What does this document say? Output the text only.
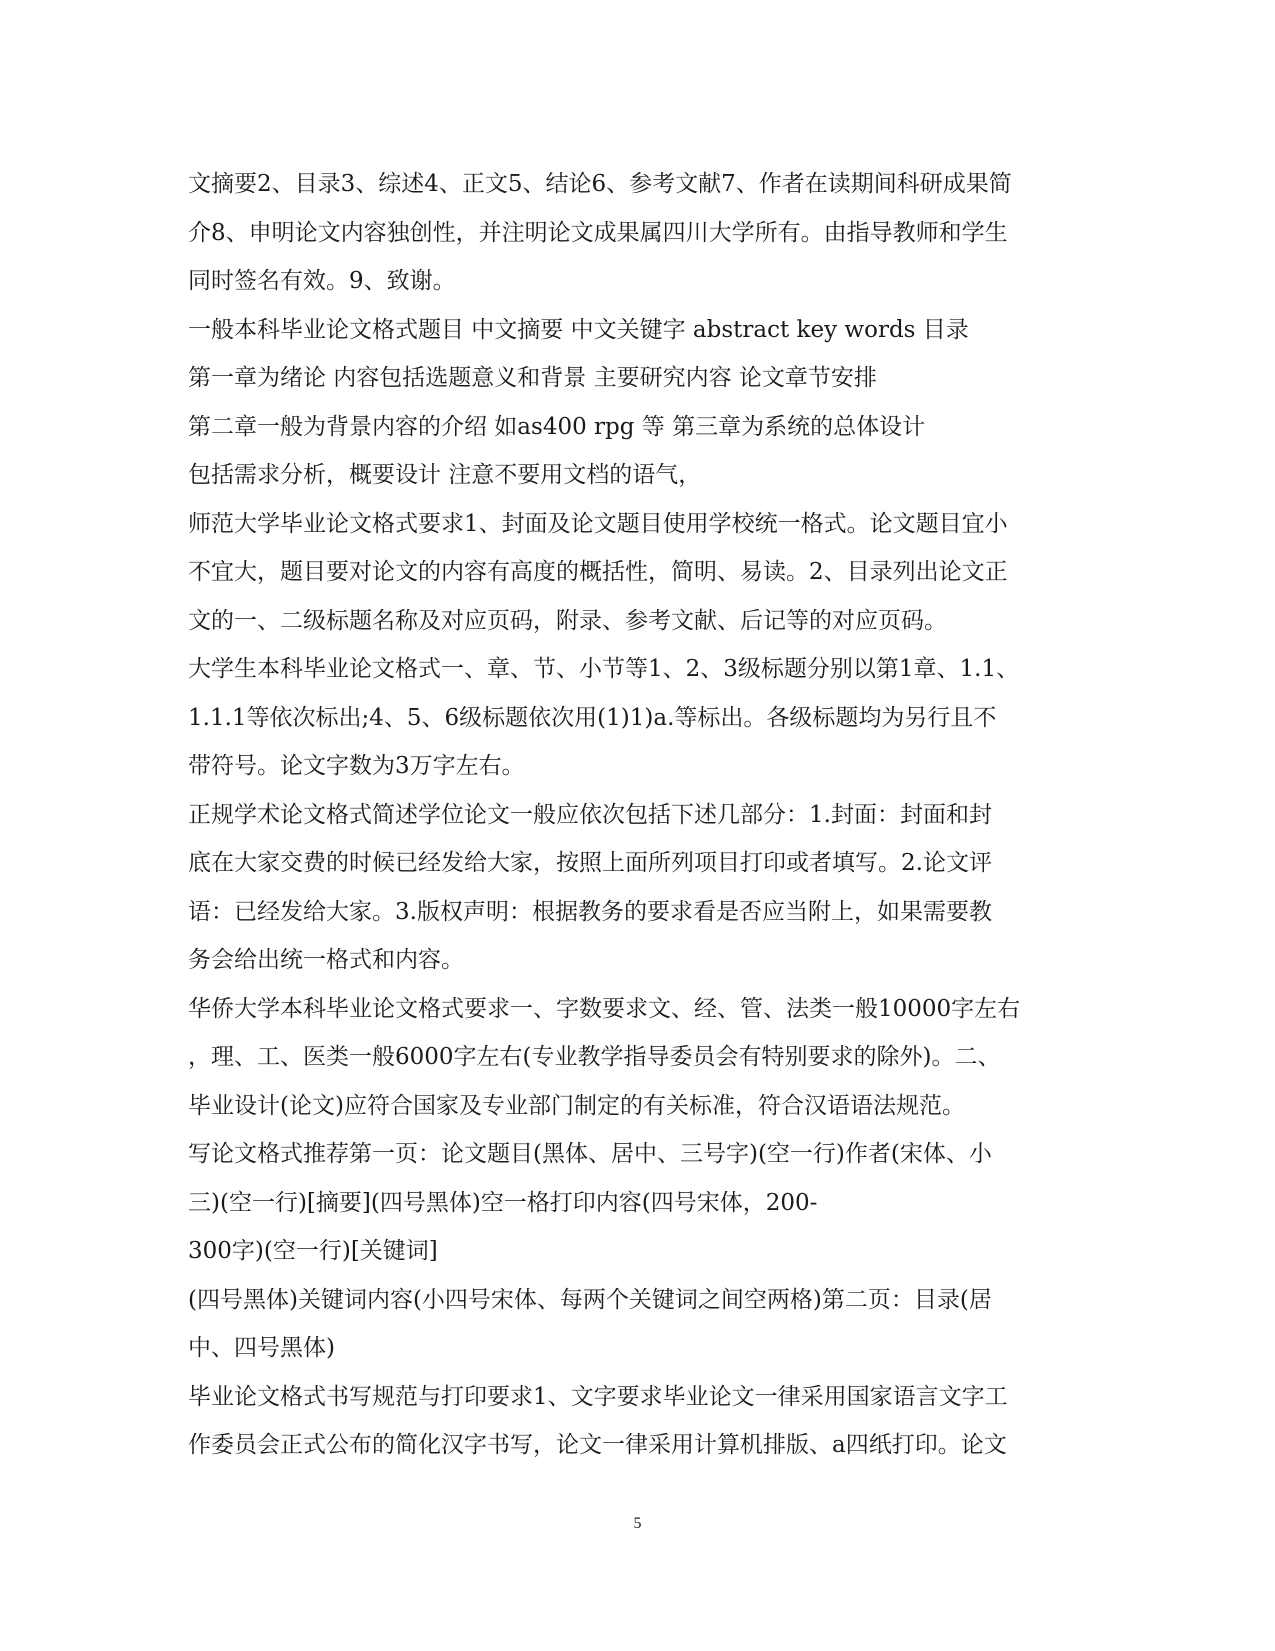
文摘要2、目录3、综述4、正文5、结论6、参考文献7、作者在读期间科研成果简
介8、申明论文内容独创性，并注明论文成果属四川大学所有。由指导教师和学生
同时签名有效。9、致谢。
一般本科毕业论文格式题目 中文摘要 中文关键字 abstract key words 目录
第一章为绪论 内容包括选题意义和背景 主要研究内容 论文章节安排
第二章一般为背景内容的介绍 如as400 rpg 等 第三章为系统的总体设计
包括需求分析，概要设计 注意不要用文档的语气，
师范大学毕业论文格式要求1、封面及论文题目使用学校统一格式。论文题目宜小
不宜大，题目要对论文的内容有高度的概括性，简明、易读。2、目录列出论文正
文的一、二级标题名称及对应页码，附录、参考文献、后记等的对应页码。
大学生本科毕业论文格式一、章、节、小节等1、2、3级标题分别以第1章、1.1、
1.1.1等依次标出;4、5、6级标题依次用(1)1)a.等标出。各级标题均为另行且不
带符号。论文字数为3万字左右。
正规学术论文格式简述学位论文一般应依次包括下述几部分：1.封面：封面和封
底在大家交费的时候已经发给大家，按照上面所列项目打印或者填写。2.论文评
语：已经发给大家。3.版权声明：根据教务的要求看是否应当附上，如果需要教
务会给出统一格式和内容。
华侨大学本科毕业论文格式要求一、字数要求文、经、管、法类一般10000字左右
，理、工、医类一般6000字左右(专业教学指导委员会有特别要求的除外)。二、
毕业设计(论文)应符合国家及专业部门制定的有关标准，符合汉语语法规范。
写论文格式推荐第一页：论文题目(黑体、居中、三号字)(空一行)作者(宋体、小
三)(空一行)[摘要](四号黑体)空一格打印内容(四号宋体，200-
300字)(空一行)[关键词]
(四号黑体)关键词内容(小四号宋体、每两个关键词之间空两格)第二页：目录(居
中、四号黑体)
毕业论文格式书写规范与打印要求1、文字要求毕业论文一律采用国家语言文字工
作委员会正式公布的简化汉字书写，论文一律采用计算机排版、a四纸打印。论文
5
